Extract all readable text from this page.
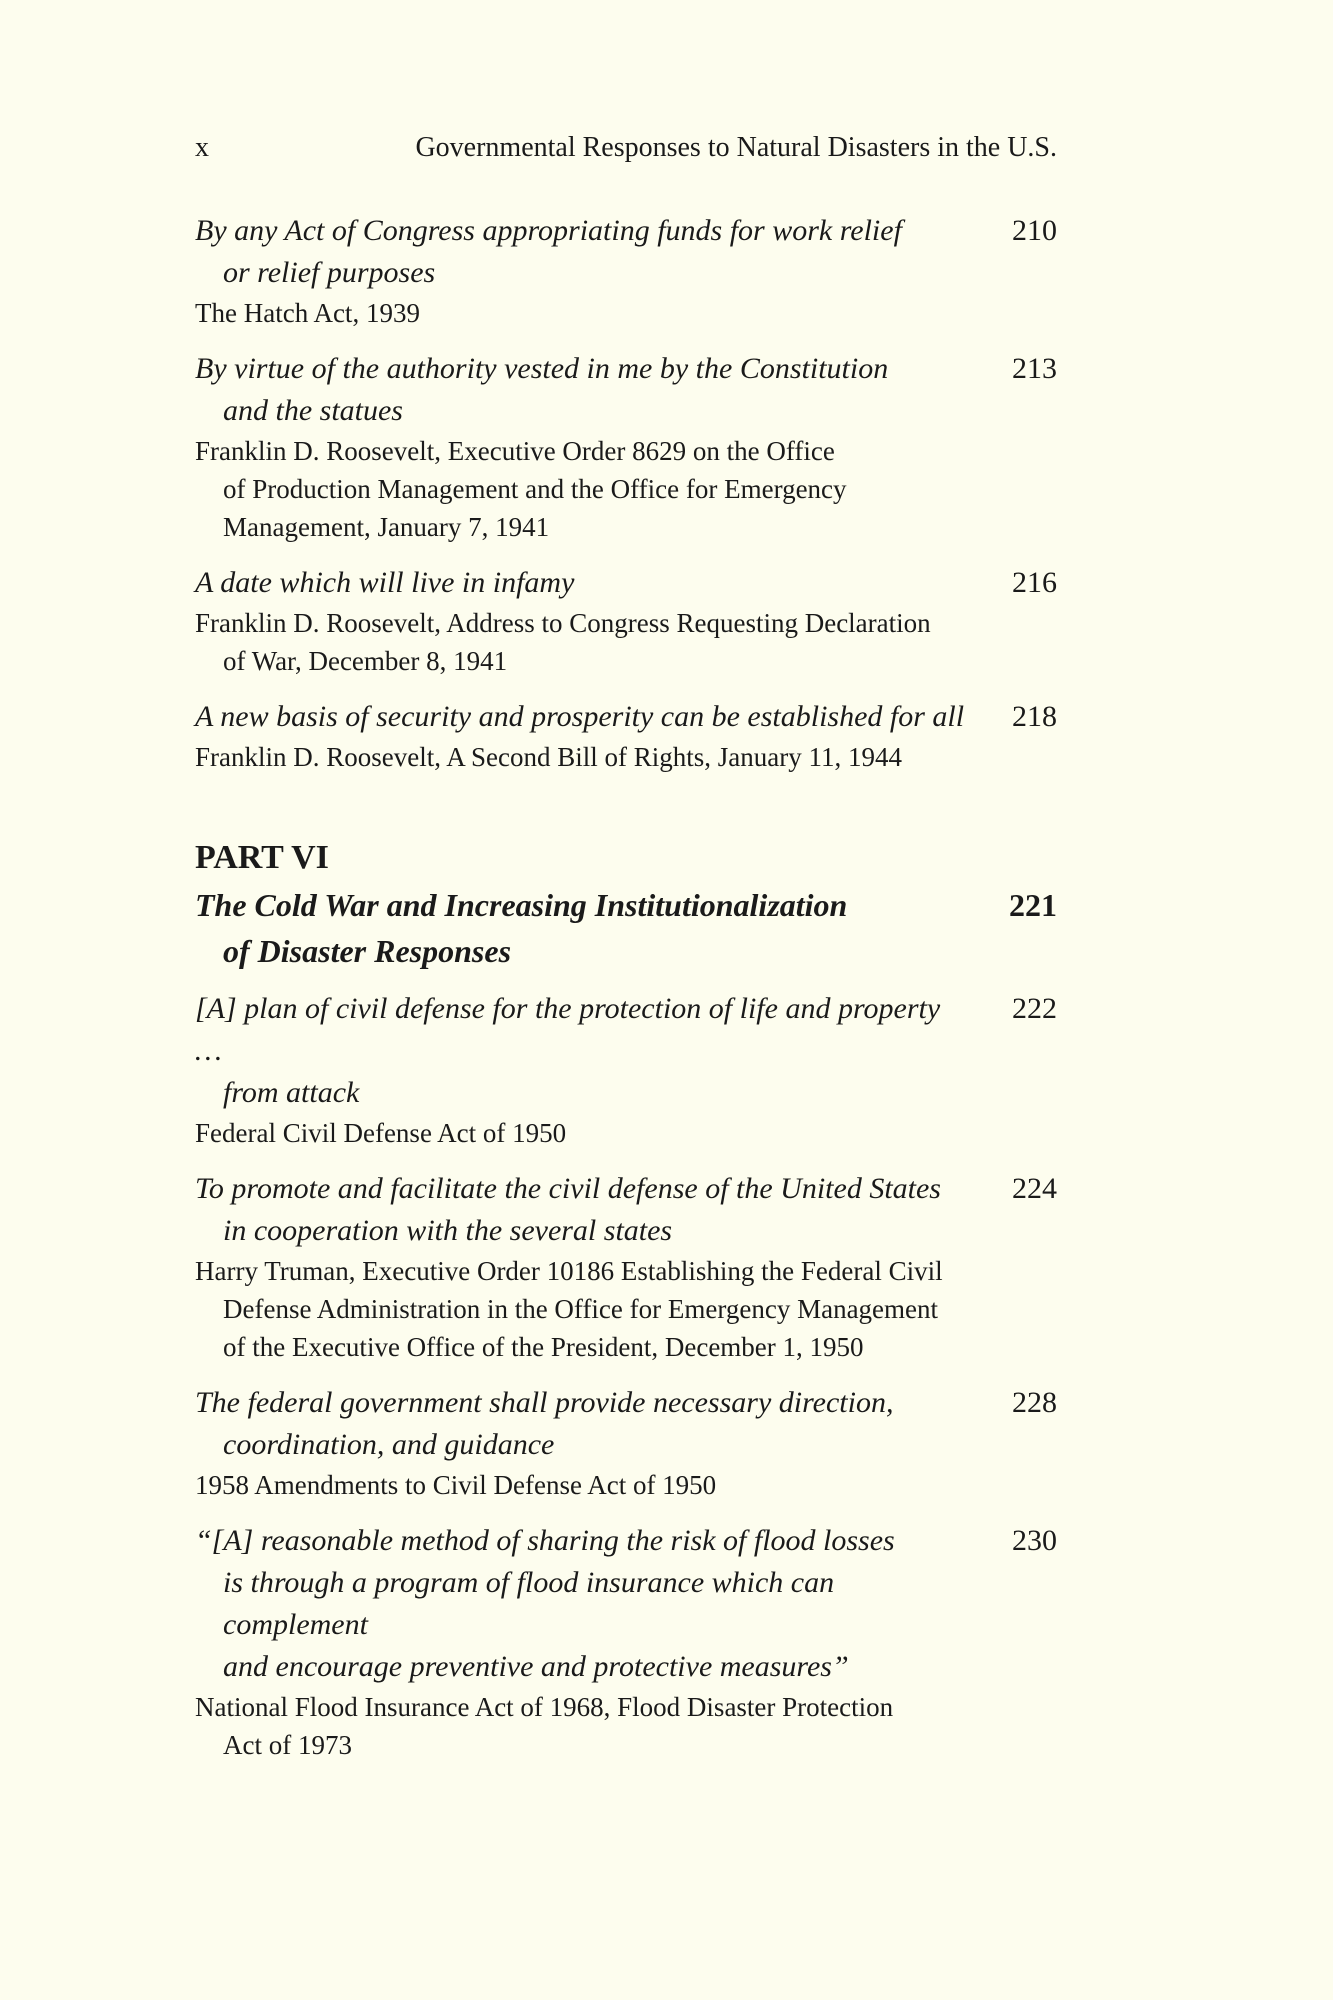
x	Governmental Responses to Natural Disasters in the U.S.

By any Act of Congress appropriating funds for work relief
or relief purposes

210

The Hatch Act, 1939

By virtue of the authority vested in me by the Constitution
and the statues

213

Franklin D. Roosevelt, Executive Order 8629 on the Office
of Production Management and the Office for Emergency
Management, January 7, 1941

A date which will live in infamy	216

Franklin D. Roosevelt, Address to Congress Requesting Declaration
of War, December 8, 1941

A new basis of security and prosperity can be established for all 218

Franklin D. Roosevelt, A Second Bill of Rights, January 11, 1944

PART VI

The Cold War and Increasing Institutionalization
of Disaster Responses

221

[A] plan of civil defense for the protection of life and property …
from attack

222

Federal Civil Defense Act of 1950

To promote and facilitate the civil defense of the United States
in cooperation with the several states

224

Harry Truman, Executive Order 10186 Establishing the Federal Civil
Defense Administration in the Office for Emergency Management
of the Executive Office of the President, December 1, 1950

The federal government shall provide necessary direction,
coordination, and guidance

228

1958 Amendments to Civil Defense Act of 1950

“[A] reasonable method of sharing the risk of flood losses
is through a program of flood insurance which can complement
and encourage preventive and protective measures”

230

National Flood Insurance Act of 1968, Flood Disaster Protection
Act of 1973
